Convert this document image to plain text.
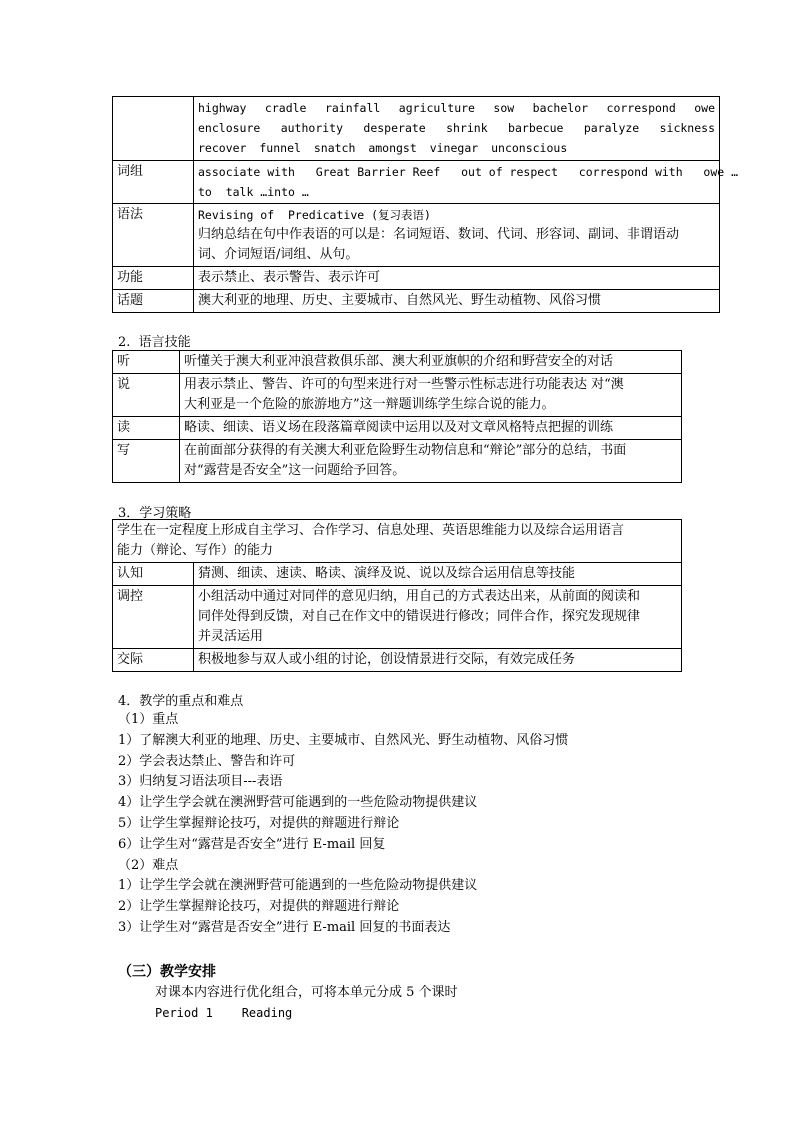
	highway cradle rainfall agriculture sow bachelor correspond owe
enclosure authority desperate shrink barbecue paralyze sickness
recover funnel snatch amongst vinegar unconscious

词组	associate with   Great Barrier Reef   out of respect   correspond with   owe …
to  talk …into …

语法	Revising of  Predicative (复习表语)
归纳总结在句中作表语的可以是：名词短语、数词、代词、形容词、副词、非谓语动
词、介词短语/词组、从句。

功能	表示禁止、表示警告、表示许可

话题	澳大利亚的地理、历史、主要城市、自然风光、野生动植物、风俗习惯
2.  语言技能
听	听懂关于澳大利亚冲浪营救俱乐部、澳大利亚旗帜的介绍和野营安全的对话

说	用表示禁止、警告、许可的句型来进行对一些警示性标志进行功能表达 对“澳
大利亚是一个危险的旅游地方”这一辩题训练学生综合说的能力。

读	略读、细读、语义场在段落篇章阅读中运用以及对文章风格特点把握的训练

写	在前面部分获得的有关澳大利亚危险野生动物信息和“辩论”部分的总结，书面
对“露营是否安全”这一问题给予回答。
3．学习策略
学生在一定程度上形成自主学习、合作学习、信息处理、英语思维能力以及综合运用语言
能力（辩论、写作）的能力	

认知	猜测、细读、速读、略读、演绎及说、说以及综合运用信息等技能

调控	小组活动中通过对同伴的意见归纳，用自己的方式表达出来，从前面的阅读和
同伴处得到反馈，对自己在作文中的错误进行修改；同伴合作，探究发现规律
并灵活运用

交际	积极地参与双人或小组的讨论，创设情景进行交际，有效完成任务
4．教学的重点和难点
（1）重点
1）了解澳大利亚的地理、历史、主要城市、自然风光、野生动植物、风俗习惯
2）学会表达禁止、警告和许可
3）归纳复习语法项目---表语
4）让学生学会就在澳洲野营可能遇到的一些危险动物提供建议
5）让学生掌握辩论技巧，对提供的辩题进行辩论
6）让学生对“露营是否安全”进行 E-mail 回复
（2）难点
1）让学生学会就在澳洲野营可能遇到的一些危险动物提供建议
2）让学生掌握辩论技巧，对提供的辩题进行辩论
3）让学生对“露营是否安全”进行 E-mail 回复的书面表达
（三）教学安排
对课本内容进行优化组合，可将本单元分成 5 个课时
Period 1    Reading
